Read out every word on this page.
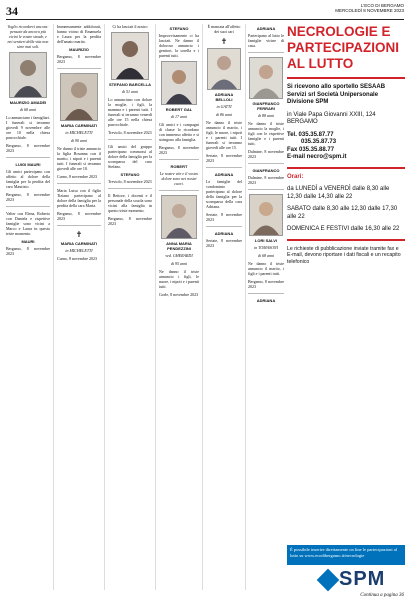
34	L'ECO DI BERGAMO
MERCOLEDÌ 8 NOVEMBRE 2023

Voglio ricordarvi ancora: pensate da ancora più vicini le vostre strade, e nei sentieri della vita non siete mai soli.

MAURIZIO AMADEI

di 68 anni

Lo annunciano i famigliari. I funerali si terranno giovedì 9 novembre alle ore 10 nella chiesa parrocchiale.

Bergamo, 8 novembre 2023

LUIGI MAURI

Gli amici partecipano con affetto al dolore della famiglia per la perdita del caro Maurizio.

Bergamo, 8 novembre 2023

Valter con Elena, Roberto con Daniela e rispettive famiglie sono vicini a Marco e Laura in questo triste momento.

MAURI

Bergamo, 8 novembre 2023

Immensamente addolorati, hanno vicino di Emanuela e Laura per la perdita dell'amato marito.

MAURIZIO

Bergamo, 8 novembre 2023

MARIA CARMINATI

in MICHELETTI

di 90 anni

Ne danno il triste annuncio la figlia Rosanna con il marito, i nipoti e i parenti tutti. I funerali si terranno giovedì alle ore 10.

Curno, 8 novembre 2023

Maria Luisa con il figlio Tiziano partecipano al dolore della famiglia per la perdita della cara Maria.

Bergamo, 8 novembre 2023

✝

MARIA CARMINATI

in MICHELETTI

Curno, 8 novembre 2023

Ci ha lasciati il nostro

STEFANO BARCELLA

di 51 anni

Lo annunciano con dolore la moglie, i figli, la mamma e i parenti tutti. I funerali si terranno venerdì alle ore 15 nella chiesa parrocchiale.

Treviolo, 8 novembre 2023

Gli amici del gruppo partecipano commossi al dolore della famiglia per la scomparsa del caro Stefano.

STEFANO

Treviolo, 8 novembre 2023

Il Rettore, i docenti e il personale della scuola sono vicini alla famiglia in questo triste momento.

Bergamo, 8 novembre 2023

STEFANO

Improvvisamente ci ha lasciati. Ne danno il doloroso annuncio i genitori, la sorella e i parenti tutti.

ROBERT GAL

di 17 anni

Gli amici e i compagni di classe lo ricordano con immenso affetto e si stringono alla famiglia.

Bergamo, 8 novembre 2023

ROBERT

Le nostre vite e il vostro dolore sono nei nostri cuori.

ANNA MARIA PENDEZZINI

ved. GHERARDI

di 95 anni

Ne danno il triste annuncio i figli, le nuore, i nipoti e i parenti tutti.

Gorle, 8 novembre 2023

È mancata all'affetto dei suoi cari

✝

ADRIANA BELLOLI

in GATTI

di 86 anni

Ne danno il triste annuncio il marito, i figli, le nuore, i nipoti e i parenti tutti. I funerali si terranno giovedì alle ore 15.

Seriate, 8 novembre 2023

ADRIANA

Le famiglie del condominio partecipano al dolore della famiglia per la scomparsa della cara Adriana.

Seriate, 8 novembre 2023

ADRIANA

Seriate, 8 novembre 2023

ADRIANA

Partecipano al lutto le famiglie vicine di casa.

GIANFRANCO FERRARI

di 88 anni

Ne danno il triste annuncio la moglie, i figli con le rispettive famiglie e i parenti tutti.

Dalmine, 8 novembre 2023

GIANFRANCO

Dalmine, 8 novembre 2023

LORI SALVI

in TOMASONI

di 68 anni

Ne danno il triste annuncio il marito, i figli e i parenti tutti.

Bergamo, 8 novembre 2023

ADRIANA

Continua a pagina 36
NECROLOGIE E PARTECIPAZIONI AL LUTTO

Si ricevono allo sportello SESAAB Servizi srl Società Unipersonale Divisione SPM

in Viale Papa Giovanni XXIII, 124 BERGAMO

Tel. 035.35.87.77

035.35.87.73

Fax 035.35.88.77

E-mail necro@spm.it

Orari:

da LUNEDÌ a VENERDÌ dalle 8,30 alle 12,30 dalle 14,30 alle 22

SABATO dalle 8,30 alle 12,30 dalle 17,30 alle 22

DOMENICA E FESTIVI dalle 16,30 alle 22

Le richieste di pubblicazione inviate tramite fax e E-mail, devono riportare i dati fiscali e un recapito telefonico

È possibile inserire direttamente on line le partecipazioni al lutto su www.ecodibergamo.it/necrologie
SPM
